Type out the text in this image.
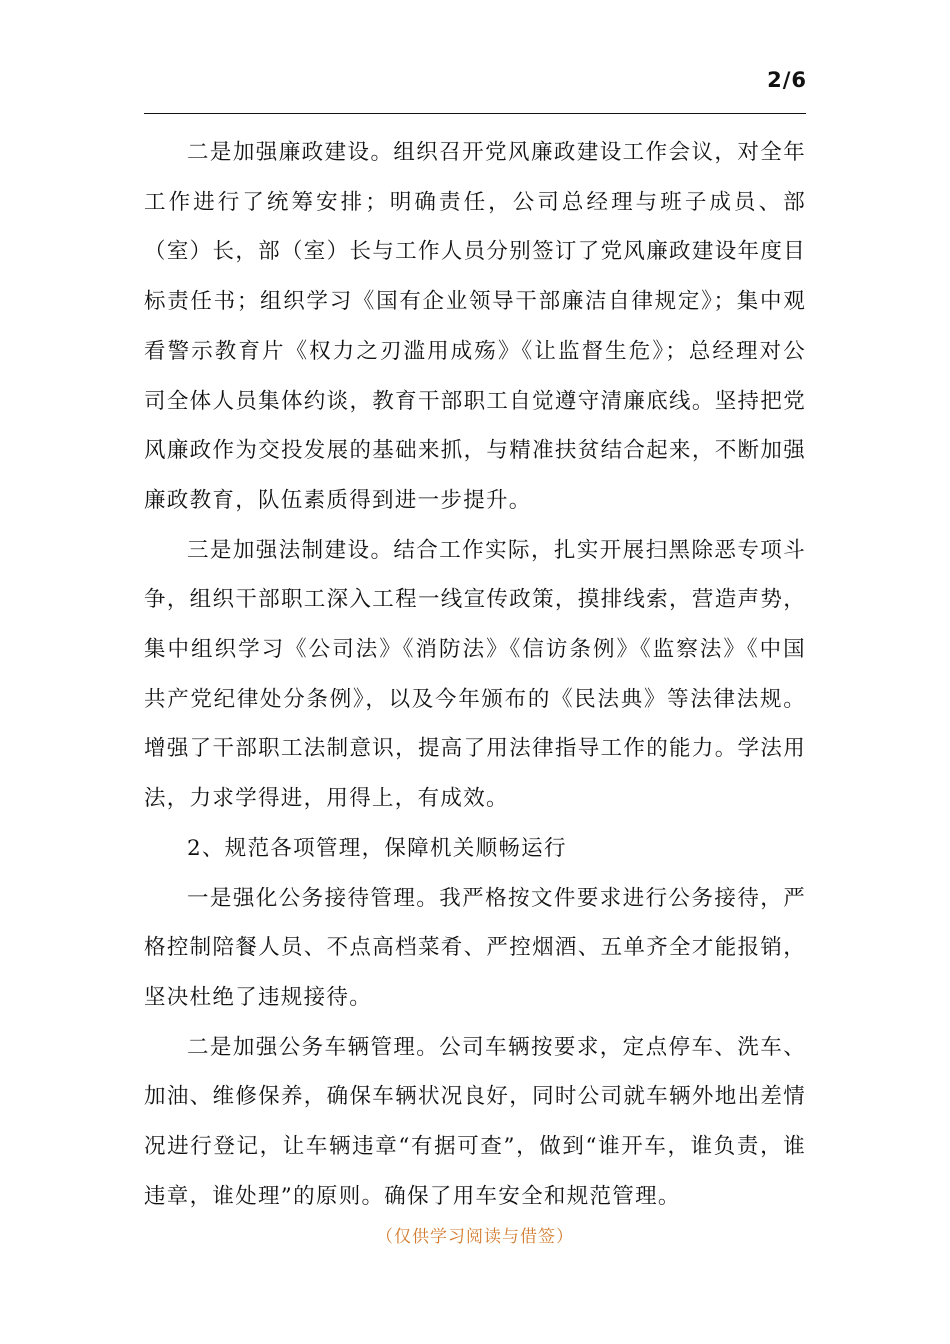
2/6

二是加强廉政建设。组织召开党风廉政建设工作会议，对全年工作进行了统筹安排；明确责任，公司总经理与班子成员、部（室）长，部（室）长与工作人员分别签订了党风廉政建设年度目标责任书；组织学习《国有企业领导干部廉洁自律规定》；集中观看警示教育片《权力之刃滥用成殇》《让监督生危》；总经理对公司全体人员集体约谈，教育干部职工自觉遵守清廉底线。坚持把党风廉政作为交投发展的基础来抓，与精准扶贫结合起来，不断加强廉政教育，队伍素质得到进一步提升。

三是加强法制建设。结合工作实际，扎实开展扫黑除恶专项斗争，组织干部职工深入工程一线宣传政策，摸排线索，营造声势，集中组织学习《公司法》《消防法》《信访条例》《监察法》《中国共产党纪律处分条例》，以及今年颁布的《民法典》等法律法规。增强了干部职工法制意识，提高了用法律指导工作的能力。学法用法，力求学得进，用得上，有成效。

2、规范各项管理，保障机关顺畅运行

一是强化公务接待管理。我严格按文件要求进行公务接待，严格控制陪餐人员、不点高档菜肴、严控烟酒、五单齐全才能报销，坚决杜绝了违规接待。

二是加强公务车辆管理。公司车辆按要求，定点停车、洗车、加油、维修保养，确保车辆状况良好，同时公司就车辆外地出差情况进行登记，让车辆违章“有据可查”，做到“谁开车，谁负责，谁违章，谁处理”的原则。确保了用车安全和规范管理。

（仅供学习阅读与借签）
